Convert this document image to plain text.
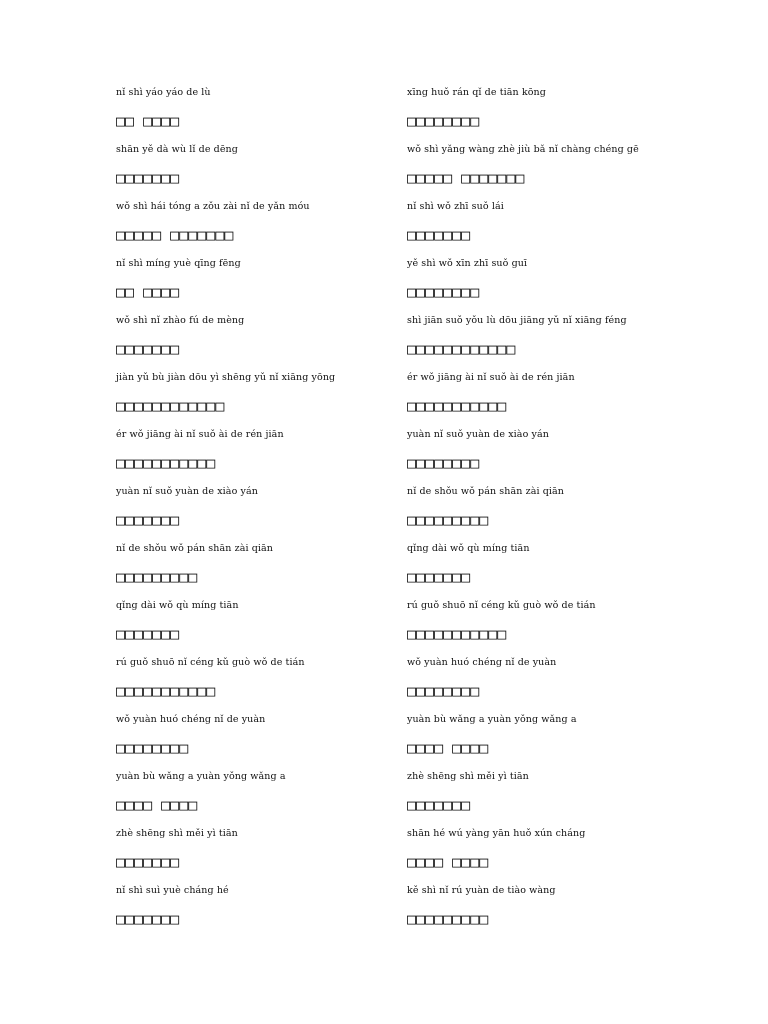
nǐ shì yáo yáo de lù
□□ □□□□
shān yě dà wù lǐ de dēng
□□□□□□□
wǒ shì hái tóng a zǒu zài nǐ de yǎn móu
□□□□□ □□□□□□□
nǐ shì míng yuè qīng fēng
□□ □□□□
wǒ shì nǐ zhào fú de mèng
□□□□□□□
jiàn yǔ bù jiàn dōu yì shēng yǔ nǐ xiāng yōng
□□□□□□□□□□□□
ér wǒ jiāng ài nǐ suǒ ài de rén jiān
□□□□□□□□□□□
yuàn nǐ suǒ yuàn de xiào yán
□□□□□□□
nǐ de shǒu wǒ pán shān zài qiān
□□□□□□□□□
qǐng dài wǒ qù míng tiān
□□□□□□□
rú guǒ shuō nǐ céng kǔ guò wǒ de tián
□□□□□□□□□□□
wǒ yuàn huó chéng nǐ de yuàn
□□□□□□□□
yuàn bù wǎng a yuàn yǒng wǎng a
□□□□ □□□□
zhè shēng shì měi yì tiān
□□□□□□□
nǐ shì suì yuè cháng hé
□□□□□□□
xīng huǒ rán qǐ de tiān kōng
□□□□□□□□
wǒ shì yǎng wàng zhè jiù bǎ nǐ chàng chéng gē
□□□□□ □□□□□□□
nǐ shì wǒ zhī suǒ lái
□□□□□□□
yě shì wǒ xīn zhī suǒ guī
□□□□□□□□
shì jiān suǒ yǒu lù dōu jiāng yǔ nǐ xiāng féng
□□□□□□□□□□□□
ér wǒ jiāng ài nǐ suǒ ài de rén jiān
□□□□□□□□□□□
yuàn nǐ suǒ yuàn de xiào yán
□□□□□□□□
nǐ de shǒu wǒ pán shān zài qiān
□□□□□□□□□
qǐng dài wǒ qù míng tiān
□□□□□□□
rú guǒ shuō nǐ céng kǔ guò wǒ de tián
□□□□□□□□□□□
wǒ yuàn huó chéng nǐ de yuàn
□□□□□□□□
yuàn bù wǎng a yuàn yǒng wǎng a
□□□□ □□□□
zhè shēng shì měi yì tiān
□□□□□□□
shān hé wú yàng yān huǒ xún cháng
□□□□ □□□□
kě shì nǐ rú yuàn de tiào wàng
□□□□□□□□□
